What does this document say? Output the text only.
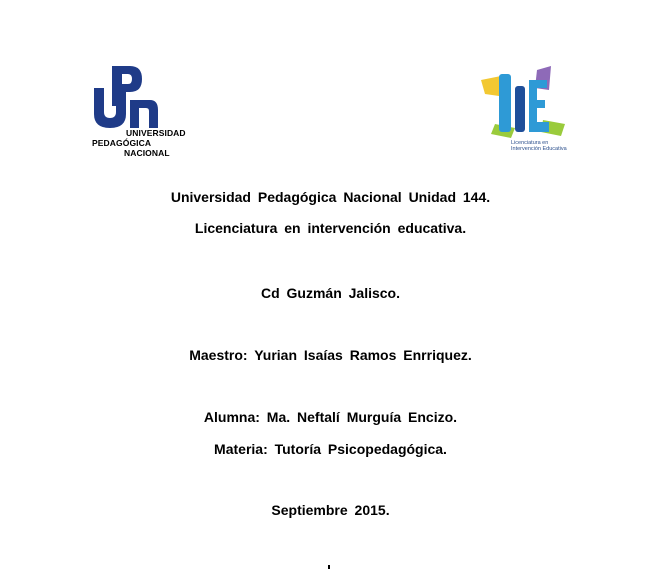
UNIVERSIDAD
PEDAGÓGICA
NACIONAL
Licenciatura en
Intervención Educativa
Universidad Pedagógica Nacional Unidad 144.
Licenciatura en intervención educativa.
Cd Guzmán Jalisco.
Maestro: Yurian Isaías Ramos Enrriquez.
Alumna: Ma. Neftalí Murguía Encizo.
Materia: Tutoría Psicopedagógica.
Septiembre 2015.
